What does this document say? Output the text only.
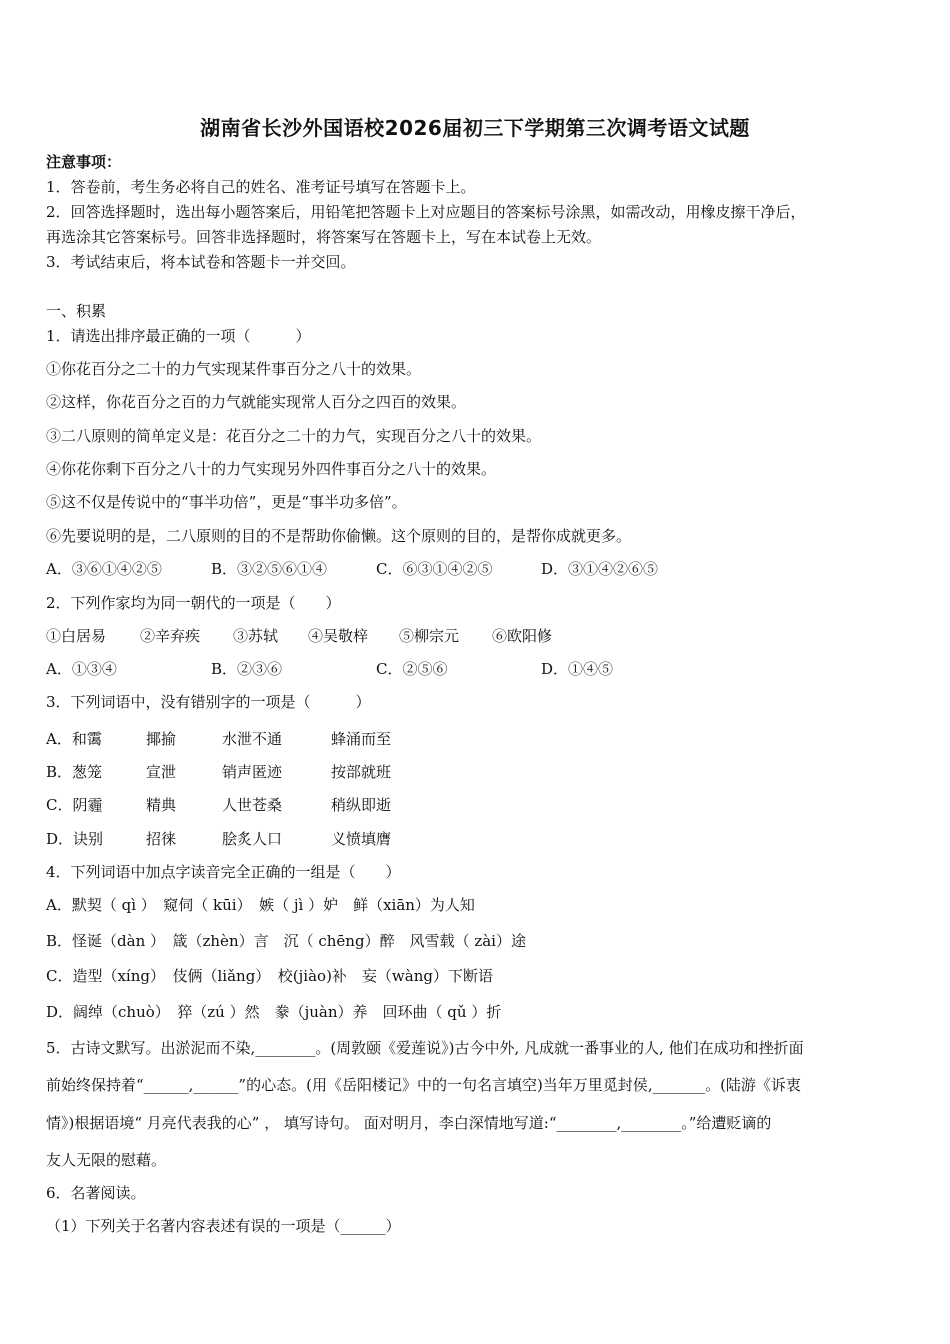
湖南省长沙外国语校2026届初三下学期第三次调考语文试题
注意事项：
1．答卷前，考生务必将自己的姓名、准考证号填写在答题卡上。
2．回答选择题时，选出每小题答案后，用铅笔把答题卡上对应题目的答案标号涂黑，如需改动，用橡皮擦干净后，
再选涂其它答案标号。回答非选择题时，将答案写在答题卡上，写在本试卷上无效。
3．考试结束后，将本试卷和答题卡一并交回。
一、积累
1．请选出排序最正确的一项（　　　）
①你花百分之二十的力气实现某件事百分之八十的效果。
②这样，你花百分之百的力气就能实现常人百分之四百的效果。
③二八原则的简单定义是：花百分之二十的力气，实现百分之八十的效果。
④你花你剩下百分之八十的力气实现另外四件事百分之八十的效果。
⑤这不仅是传说中的“事半功倍”，更是“事半功多倍”。
⑥先要说明的是，二八原则的目的不是帮助你偷懒。这个原则的目的，是帮你成就更多。
A．③⑥①④②⑤	B．③②⑤⑥①④	C．⑥③①④②⑤	D．③①④②⑥⑤
2．下列作家均为同一朝代的一项是（　　）
①白居易 ②辛弃疾 ③苏轼 ④吴敬梓 ⑤柳宗元 ⑥欧阳修
A．①③④	B．②③⑥	C．②⑤⑥	D．①④⑤
3．下列词语中，没有错别字的一项是（　　　）
A．和霭	揶揄	水泄不通	蜂涌而至
B．葱笼	宣泄	销声匿迹	按部就班
C．阴霾	精典	人世苍桑	稍纵即逝
D．诀别	招徕	脍炙人口	义愤填膺
4．下列词语中加点字读音完全正确的一组是（　　）
A．默契（ qì ）　窥伺（ kūi）　嫉（ jì ）妒　鲜（xiān）为人知
B．怪诞（dàn ）　箴（zhèn）言　沉（ chēng）醉　风雪载（ zài）途
C．造型（xíng）　伎俩（liǎng）　校(jiào)补　妄（wàng）下断语
D．阔绰（chuò）　猝（zú ）然　豢（juàn）养　回环曲（ qǔ ）折
5．古诗文默写。出淤泥而不染,________。(周敦颐《爱莲说》)古今中外, 凡成就一番事业的人, 他们在成功和挫折面
前始终保持着“______,______”的心态。(用《岳阳楼记》中的一句名言填空)当年万里觅封侯,_______。(陆游《诉衷
情》)根据语境“ 月亮代表我的心” ， 填写诗句。 面对明月，李白深情地写道:“________,________。”给遭贬谪的
友人无限的慰藉。
6．名著阅读。
（1）下列关于名著内容表述有误的一项是（______）
